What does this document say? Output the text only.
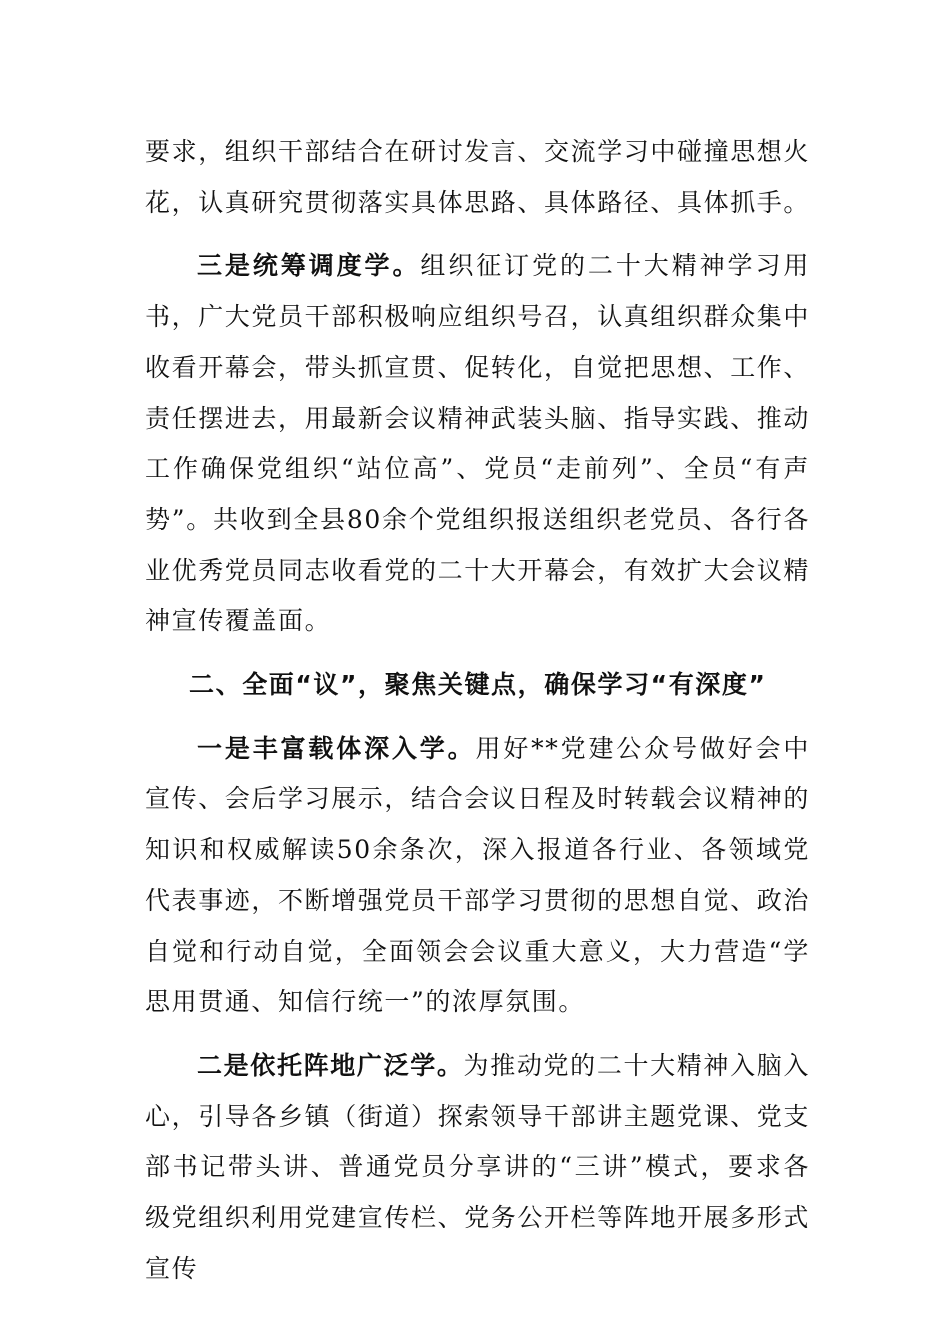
要求，组织干部结合在研讨发言、交流学习中碰撞思想火花，认真研究贯彻落实具体思路、具体路径、具体抓手。

三是统筹调度学。组织征订党的二十大精神学习用书，广大党员干部积极响应组织号召，认真组织群众集中收看开幕会，带头抓宣贯、促转化，自觉把思想、工作、责任摆进去，用最新会议精神武装头脑、指导实践、推动工作确保党组织“站位高”、党员“走前列”、全员“有声势”。共收到全县80余个党组织报送组织老党员、各行各业优秀党员同志收看党的二十大开幕会，有效扩大会议精神宣传覆盖面。

二、全面“议”，聚焦关键点，确保学习“有深度”

一是丰富载体深入学。用好**党建公众号做好会中宣传、会后学习展示，结合会议日程及时转载会议精神的知识和权威解读50余条次，深入报道各行业、各领域党代表事迹，不断增强党员干部学习贯彻的思想自觉、政治自觉和行动自觉，全面领会会议重大意义，大力营造“学思用贯通、知信行统一”的浓厚氛围。

二是依托阵地广泛学。为推动党的二十大精神入脑入心，引导各乡镇（街道）探索领导干部讲主题党课、党支部书记带头讲、普通党员分享讲的“三讲”模式，要求各级党组织利用党建宣传栏、党务公开栏等阵地开展多形式宣传
